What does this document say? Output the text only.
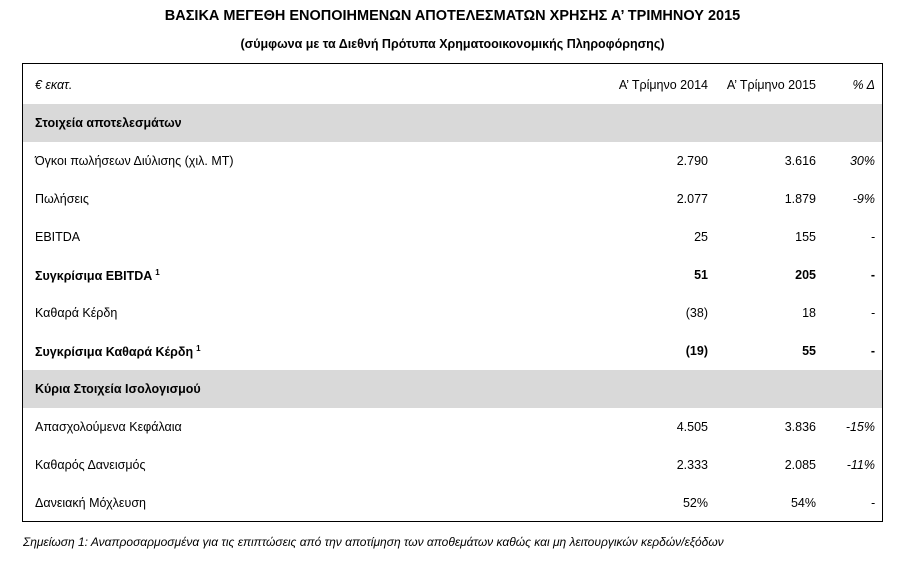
ΒΑΣΙΚΑ ΜΕΓΕΘΗ ΕΝΟΠΟΙΗΜΕΝΩΝ ΑΠΟΤΕΛΕΣΜΑΤΩΝ ΧΡΗΣΗΣ Α’ ΤΡΙΜΗΝΟΥ 2015
(σύμφωνα με τα Διεθνή Πρότυπα Χρηματοοικονομικής Πληροφόρησης)
€ εκατ.	Α’ Τρίμηνο 2014 Α’ Τρίμηνο 2015	% Δ
Στοιχεία αποτελεσμάτων
Όγκοι πωλήσεων Διύλισης (χιλ. ΜΤ)	2.790	3.616	30%
Πωλήσεις	2.077	1.879	-9%
EBITDA	25	155	-
Συγκρίσιμα EBITDA $^1$	51	205	-
Καθαρά Κέρδη	(38)	18	-
Συγκρίσιμα Καθαρά Κέρδη $^1$	(19)	55	-
Κύρια Στοιχεία Ισολογισμού
Απασχολούμενα Κεφάλαια	4.505	3.836 -15%
Καθαρός Δανεισμός	2.333	2.085 -11%
Δανειακή Μόχλευση	52%	54%	-
Σημείωση 1: Αναπροσαρμοσμένα για τις επιπτώσεις από την αποτίμηση των αποθεμάτων καθώς και μη λειτουργικών κερδών/εξόδων
